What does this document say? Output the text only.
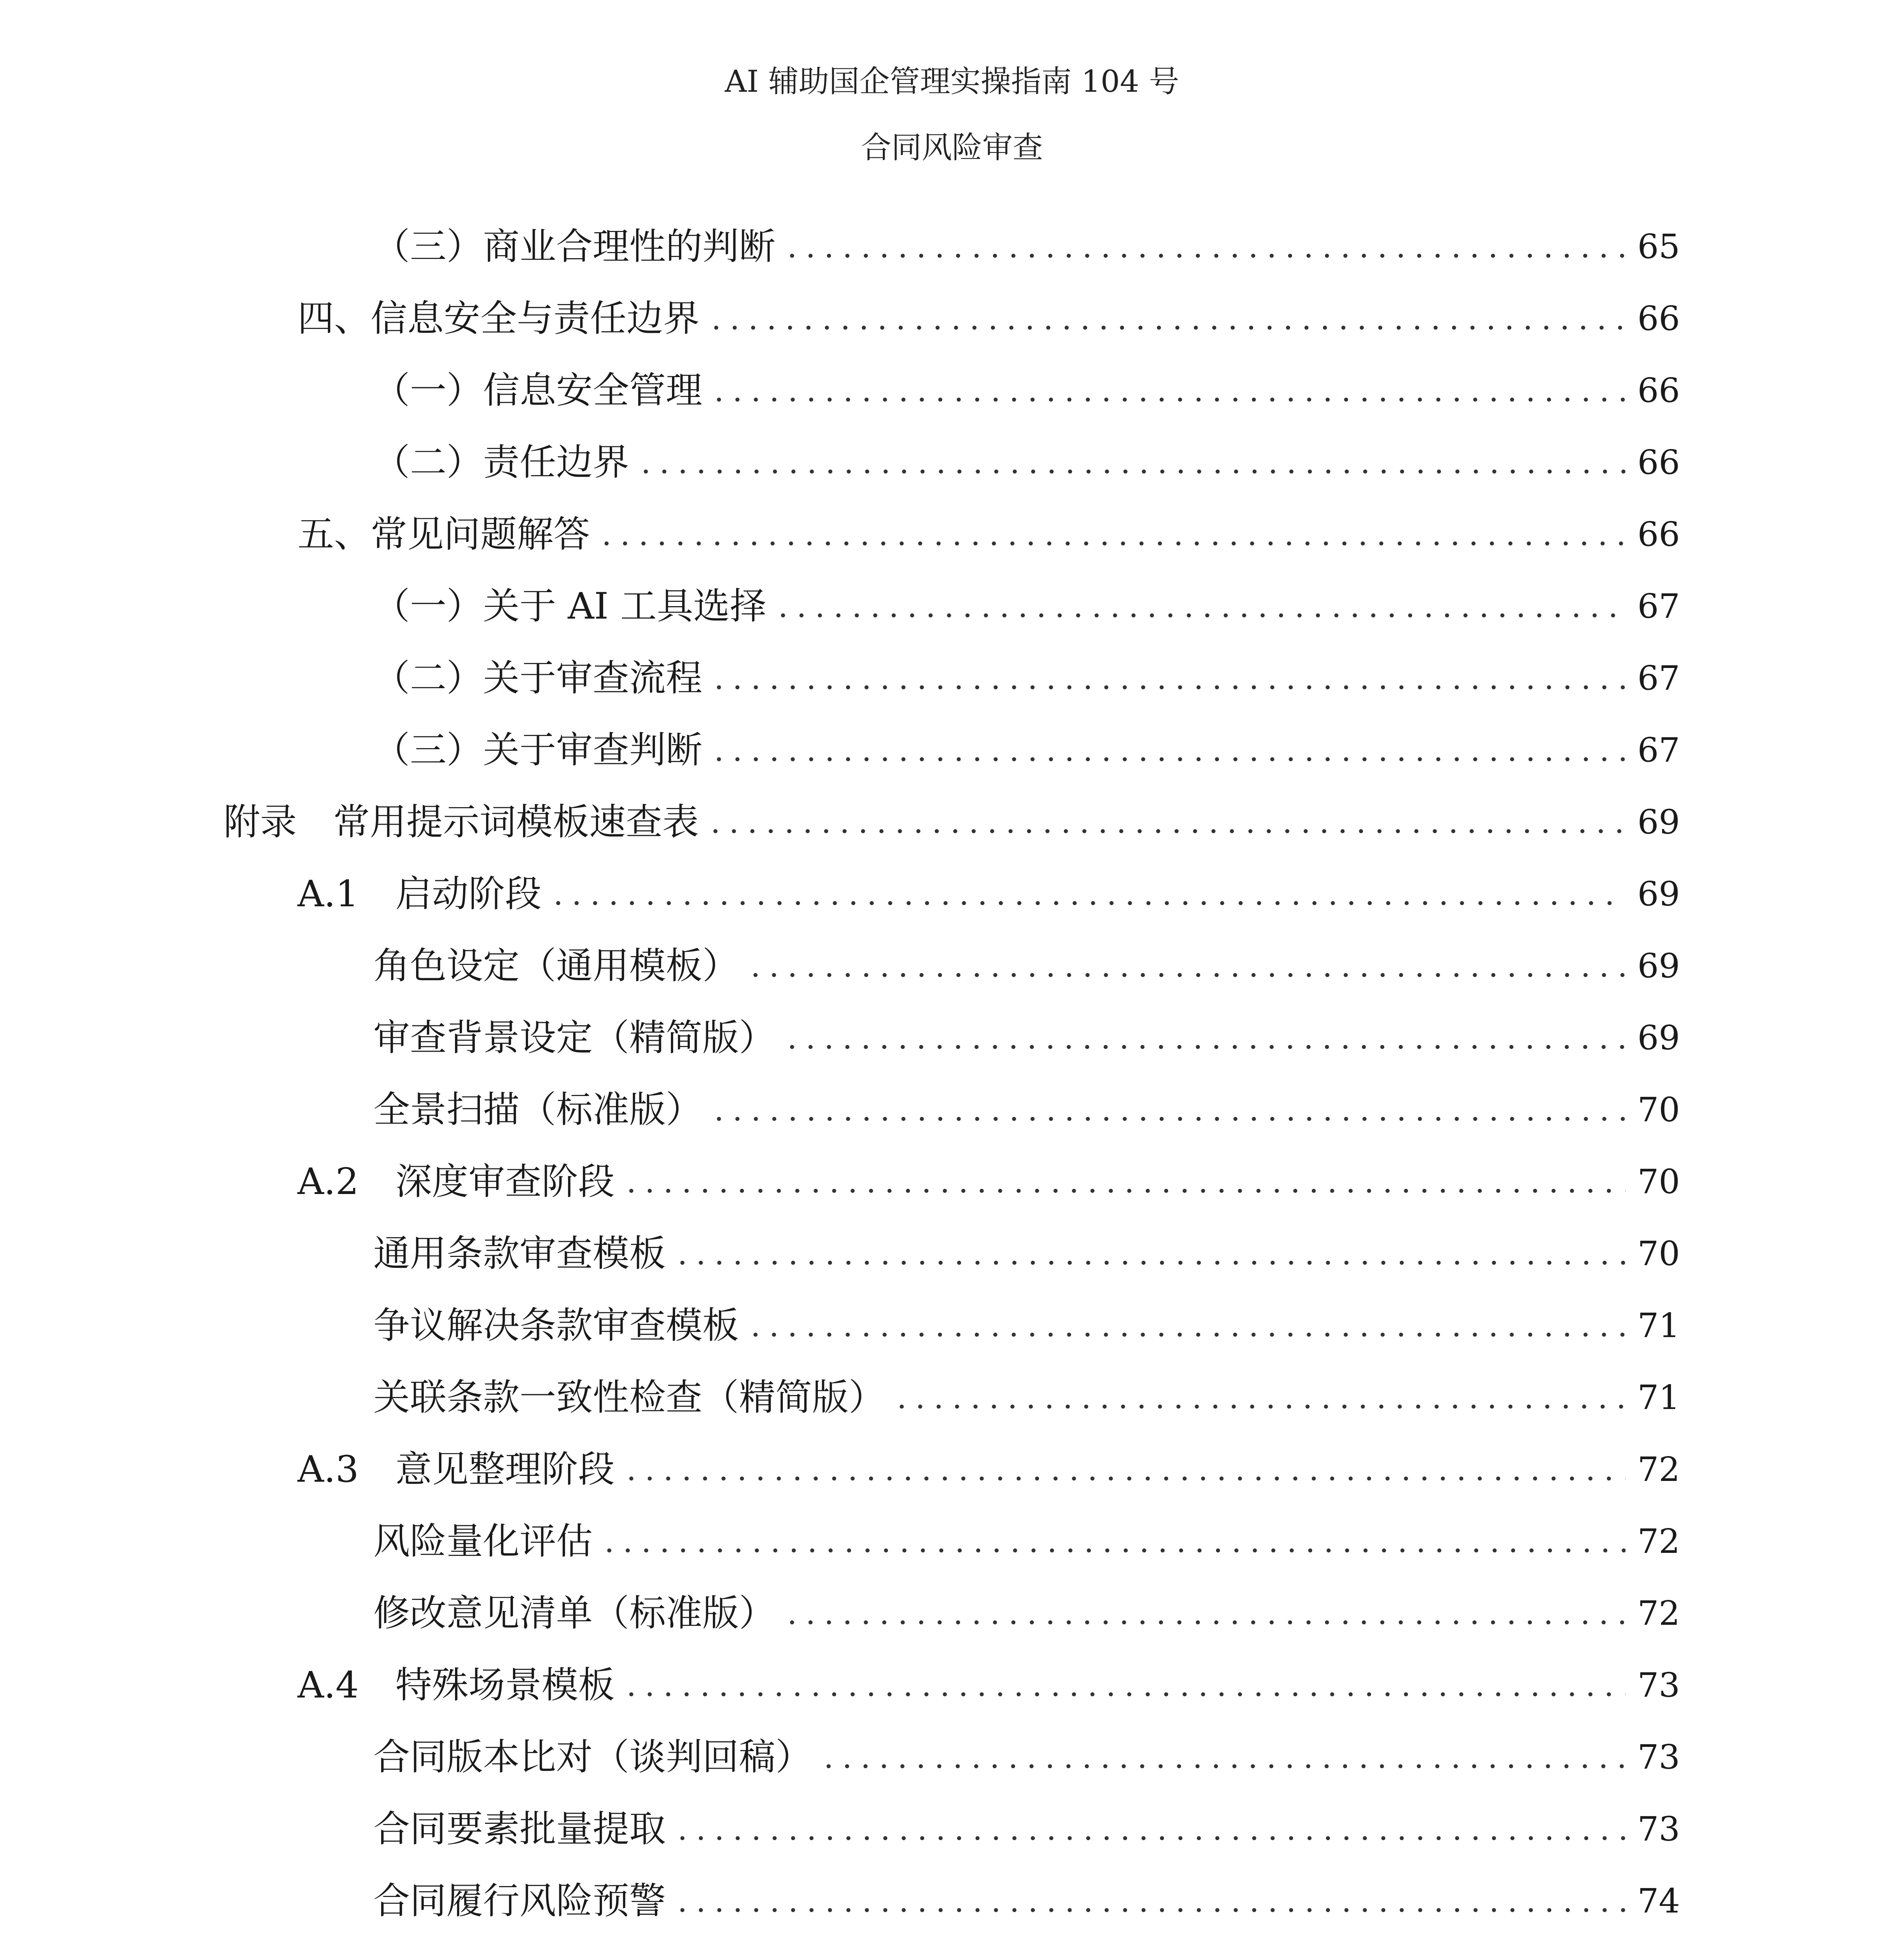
AI 辅助国企管理实操指南 104 号
合同风险审查
（三）商业合理性的判断 .....	65
四、信息安全与责任边界 .....	66
（一）信息安全管理 .....	66
（二）责任边界 .....	66
五、常见问题解答 .....	66
（一）关于 AI 工具选择 .....	67
（二）关于审查流程 .....	67
（三）关于审查判断 .....	67
附录　常用提示词模板速查表 .....	69
A.1　启动阶段 .....	69
角色设定（通用模板） .....	69
审查背景设定（精简版） .....	69
全景扫描（标准版） .....	70
A.2　深度审查阶段 .....	70
通用条款审查模板 .....	70
争议解决条款审查模板 .....	71
关联条款一致性检查（精简版） .....	71
A.3　意见整理阶段 .....	72
风险量化评估 .....	72
修改意见清单（标准版） .....	72
A.4　特殊场景模板 .....	73
合同版本比对（谈判回稿） .....	73
合同要素批量提取 .....	73
合同履行风险预警 .....	74
